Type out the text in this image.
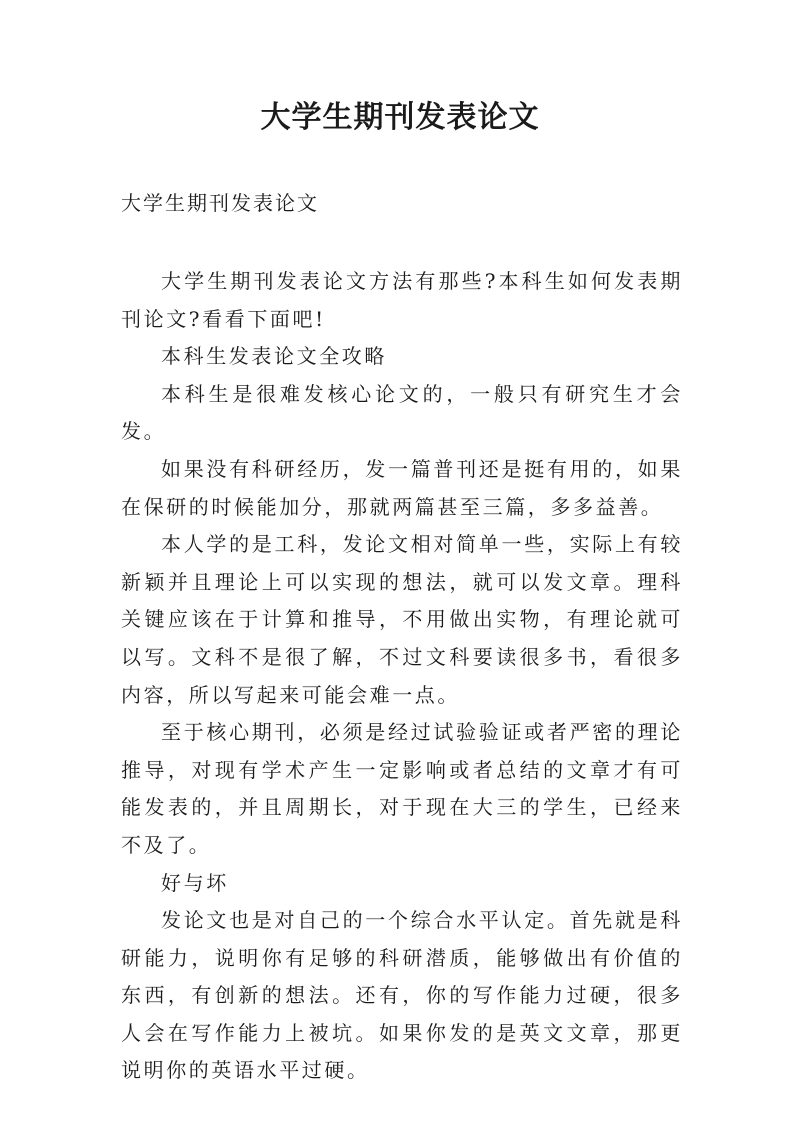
大学生期刊发表论文
大学生期刊发表论文

大学生期刊发表论文方法有那些?本科生如何发表期刊论文?看看下面吧!

本科生发表论文全攻略

本科生是很难发核心论文的，一般只有研究生才会发。

如果没有科研经历，发一篇普刊还是挺有用的，如果在保研的时候能加分，那就两篇甚至三篇，多多益善。

本人学的是工科，发论文相对简单一些，实际上有较新颖并且理论上可以实现的想法，就可以发文章。理科关键应该在于计算和推导，不用做出实物，有理论就可以写。文科不是很了解，不过文科要读很多书，看很多内容，所以写起来可能会难一点。

至于核心期刊，必须是经过试验验证或者严密的理论推导，对现有学术产生一定影响或者总结的文章才有可能发表的，并且周期长，对于现在大三的学生，已经来不及了。

好与坏

发论文也是对自己的一个综合水平认定。首先就是科研能力，说明你有足够的科研潜质，能够做出有价值的东西，有创新的想法。还有，你的写作能力过硬，很多人会在写作能力上被坑。如果你发的是英文文章，那更说明你的英语水平过硬。
